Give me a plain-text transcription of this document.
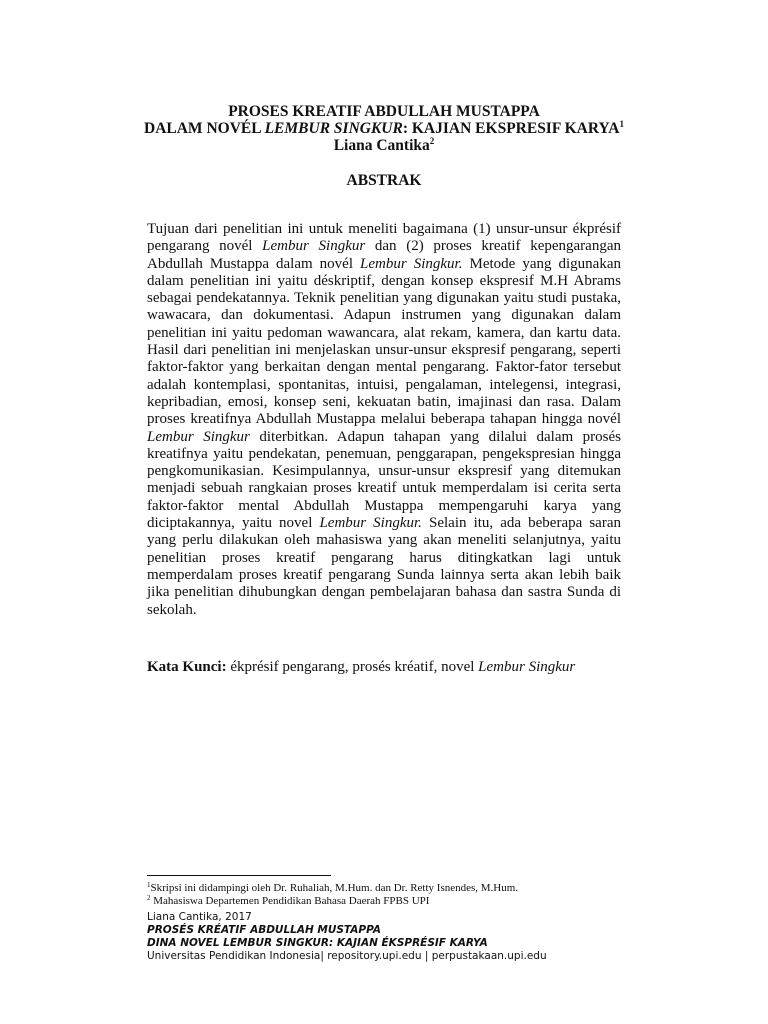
PROSES KREATIF ABDULLAH MUSTAPPA
DALAM NOVÉL LEMBUR SINGKUR: KAJIAN EKSPRESIF KARYA$^1$
Liana Cantika$^2$
ABSTRAK
Tujuan dari penelitian ini untuk meneliti bagaimana (1) unsur-unsur ékprésif pengarang novél Lembur Singkur dan (2) proses kreatif kepengarangan Abdullah Mustappa dalam novél Lembur Singkur. Metode yang digunakan dalam penelitian ini yaitu déskriptif, dengan konsep ekspresif M.H Abrams sebagai pendekatannya. Teknik penelitian yang digunakan yaitu studi pustaka, wawacara, dan dokumentasi. Adapun instrumen yang digunakan dalam penelitian ini yaitu pedoman wawancara, alat rekam, kamera, dan kartu data. Hasil dari penelitian ini menjelaskan unsur-unsur ekspresif pengarang, seperti faktor-faktor yang berkaitan dengan mental pengarang. Faktor-fator tersebut adalah kontemplasi, spontanitas, intuisi, pengalaman, intelegensi, integrasi, kepribadian, emosi, konsep seni, kekuatan batin, imajinasi dan rasa. Dalam proses kreatifnya Abdullah Mustappa melalui beberapa tahapan hingga novél Lembur Singkur diterbitkan. Adapun tahapan yang dilalui dalam prosés kreatifnya yaitu pendekatan, penemuan, penggarapan, pengekspresian hingga pengkomunikasian. Kesimpulannya, unsur-unsur ekspresif yang ditemukan menjadi sebuah rangkaian proses kreatif untuk memperdalam isi cerita serta faktor-faktor mental Abdullah Mustappa mempengaruhi karya yang diciptakannya, yaitu novel Lembur Singkur. Selain itu, ada beberapa saran yang perlu dilakukan oleh mahasiswa yang akan meneliti selanjutnya, yaitu penelitian proses kreatif pengarang harus ditingkatkan lagi untuk memperdalam proses kreatif pengarang Sunda lainnya serta akan lebih baik jika penelitian dihubungkan dengan pembelajaran bahasa dan sastra Sunda di sekolah.
Kata Kunci: ékprésif pengarang, prosés kréatif, novel Lembur Singkur
$^1$Skripsi ini didampingi oleh Dr. Ruhaliah, M.Hum. dan Dr. Retty Isnendes, M.Hum.
$^2$ Mahasiswa Departemen Pendidikan Bahasa Daerah FPBS UPI
Liana Cantika, 2017
PROSÉS KRÉATIF ABDULLAH MUSTAPPA
DINA NOVEL LEMBUR SINGKUR: KAJIAN ÉKSPRÉSIF KARYA
Universitas Pendidikan Indonesia| repository.upi.edu | perpustakaan.upi.edu
